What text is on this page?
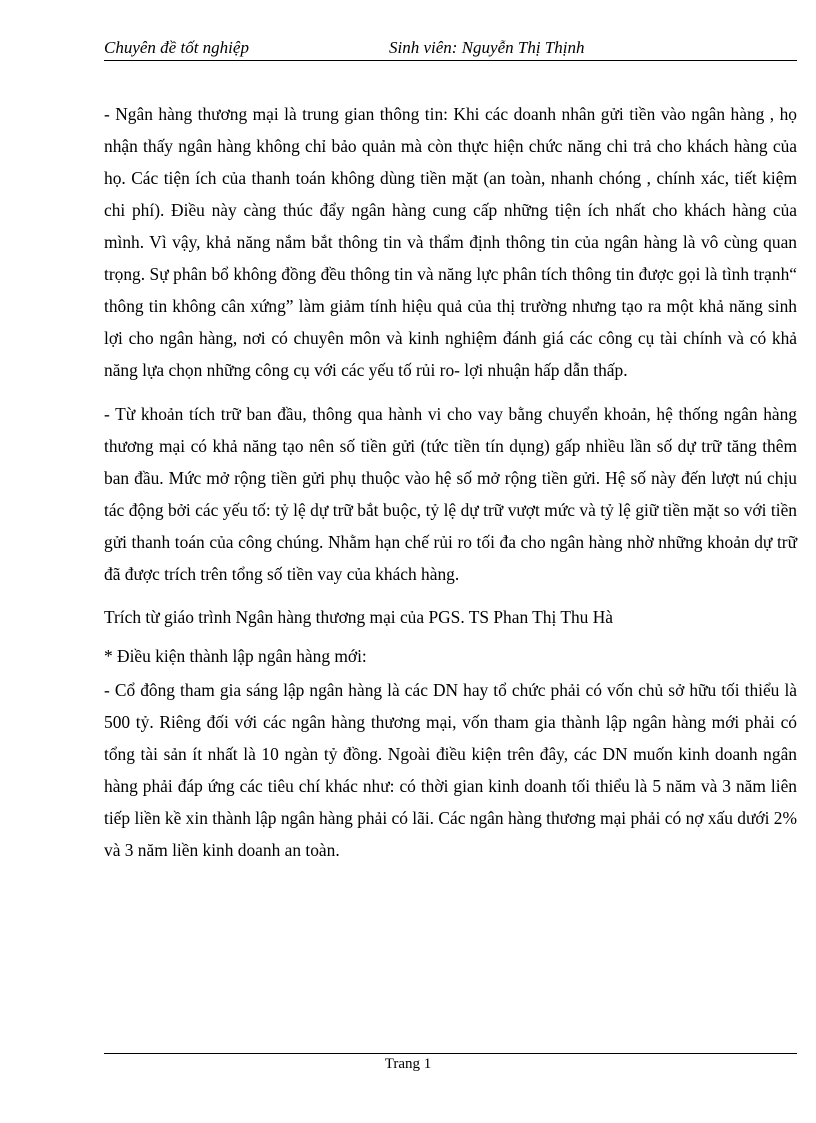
Chuyên đề tốt nghiệp	Sinh viên: Nguyễn Thị Thịnh

- Ngân hàng thương mại là trung gian thông tin: Khi các doanh nhân gửi tiền vào ngân hàng , họ nhận thấy ngân hàng không chỉ bảo quản mà còn thực hiện chức năng chi trả cho khách hàng của họ. Các tiện ích của thanh toán không dùng tiền mặt (an toàn, nhanh chóng , chính xác, tiết kiệm chi phí). Điều này càng thúc đẩy ngân hàng cung cấp những tiện ích nhất cho khách hàng của mình. Vì vậy, khả năng nắm bắt thông tin và thẩm định thông tin của ngân hàng là vô cùng quan trọng. Sự phân bổ không đồng đều thông tin và năng lực phân tích thông tin được gọi là tình trạnh“ thông tin không cân xứng” làm giảm tính hiệu quả của thị trường nhưng tạo ra một khả năng sinh lợi cho ngân hàng, nơi có chuyên môn và kinh nghiệm đánh giá các công cụ tài chính và có khả năng lựa chọn những công cụ với các yếu tố rủi ro- lợi nhuận hấp dẫn thấp.

- Từ khoản tích trữ ban đầu, thông qua hành vi cho vay bằng chuyển khoản, hệ thống ngân hàng thương mại có khả năng tạo nên số tiền gửi (tức tiền tín dụng) gấp nhiều lần số dự trữ tăng thêm ban đầu. Mức mở rộng tiền gửi phụ thuộc vào hệ số mở rộng tiền gửi. Hệ số này đến lượt nú chịu tác động bởi các yếu tố: tỷ lệ dự trữ bắt buộc, tỷ lệ dự trữ vượt mức và tỷ lệ giữ tiền mặt so với tiền gửi thanh toán của công chúng. Nhằm hạn chế rủi ro tối đa cho ngân hàng nhờ những khoản dự trữ đã được trích trên tổng số tiền vay của khách hàng.

Trích từ giáo trình Ngân hàng thương mại của PGS. TS Phan Thị Thu Hà

* Điều kiện thành lập ngân hàng mới:

- Cổ đông tham gia sáng lập ngân hàng là các DN hay tổ chức phải có vốn chủ sở hữu tối thiểu là 500 tỷ. Riêng đối với các ngân hàng thương mại, vốn tham gia thành lập ngân hàng mới phải có tổng tài sản ít nhất là 10 ngàn tỷ đồng. Ngoài điều kiện trên đây, các DN muốn kinh doanh ngân hàng phải đáp ứng các tiêu chí khác như: có thời gian kinh doanh tối thiểu là 5 năm và 3 năm liên tiếp liền kề xin thành lập ngân hàng phải có lãi. Các ngân hàng thương mại phải có nợ xấu dưới 2% và 3 năm liền kinh doanh an toàn.

Trang 1
